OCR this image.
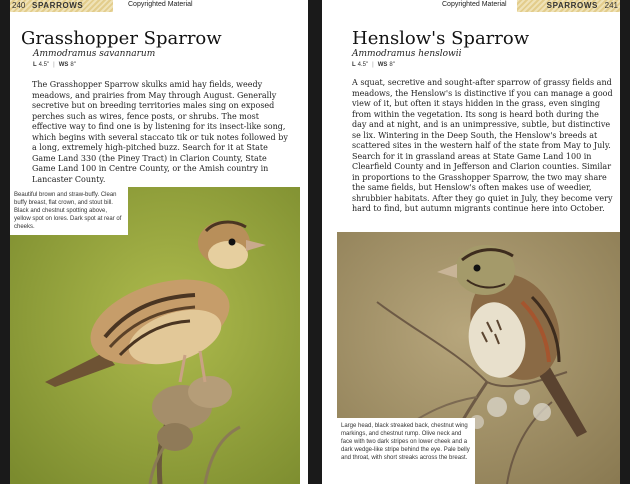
240 SPARROWS	Copyrighted Material
Grasshopper Sparrow
Ammodramus savannarum
L 4.5" | WS 8"
The Grasshopper Sparrow skulks amid hay fields, weedy meadows, and prairies from May through August. Generally secretive but on breeding territories males sing on exposed perches such as wires, fence posts, or shrubs. The most effective way to find one is by listening for its insect-like song, which begins with several staccato tik or tuk notes followed by a long, extremely high-pitched buzz. Search for it at State Game Land 330 (the Piney Tract) in Clarion County, State Game Land 100 in Centre County, or the Amish country in Lancaster County.
Beautiful brown and straw-buffy. Clean buffy breast, flat crown, and stout bill. Black and chestnut spotting above, yellow spot on lores. Dark spot at rear of cheeks.
Copyrighted Material	SPARROWS 241
Henslow's Sparrow
Ammodramus henslowii
L 4.5" | WS 8"
A squat, secretive and sought-after sparrow of grassy fields and meadows, the Henslow's is distinctive if you can manage a good view of it, but often it stays hidden in the grass, even singing from within the vegetation. Its song is heard both during the day and at night, and is an unimpressive, subtle, but distinctive se lix. Wintering in the Deep South, the Henslow's breeds at scattered sites in the western half of the state from May to July. Search for it in grassland areas at State Game Land 100 in Clearfield County and in Jefferson and Clarion counties. Similar in proportions to the Grasshopper Sparrow, the two may share the same fields, but Henslow's often makes use of weedier, shrubbier habitats. After they go quiet in July, they become very hard to find, but autumn migrants continue here into October.
Large head, black streaked back, chestnut wing markings, and chestnut rump. Olive neck and face with two dark stripes on lower cheek and a dark wedge-like stripe behind the eye. Pale belly and throat, with short streaks across the breast.
